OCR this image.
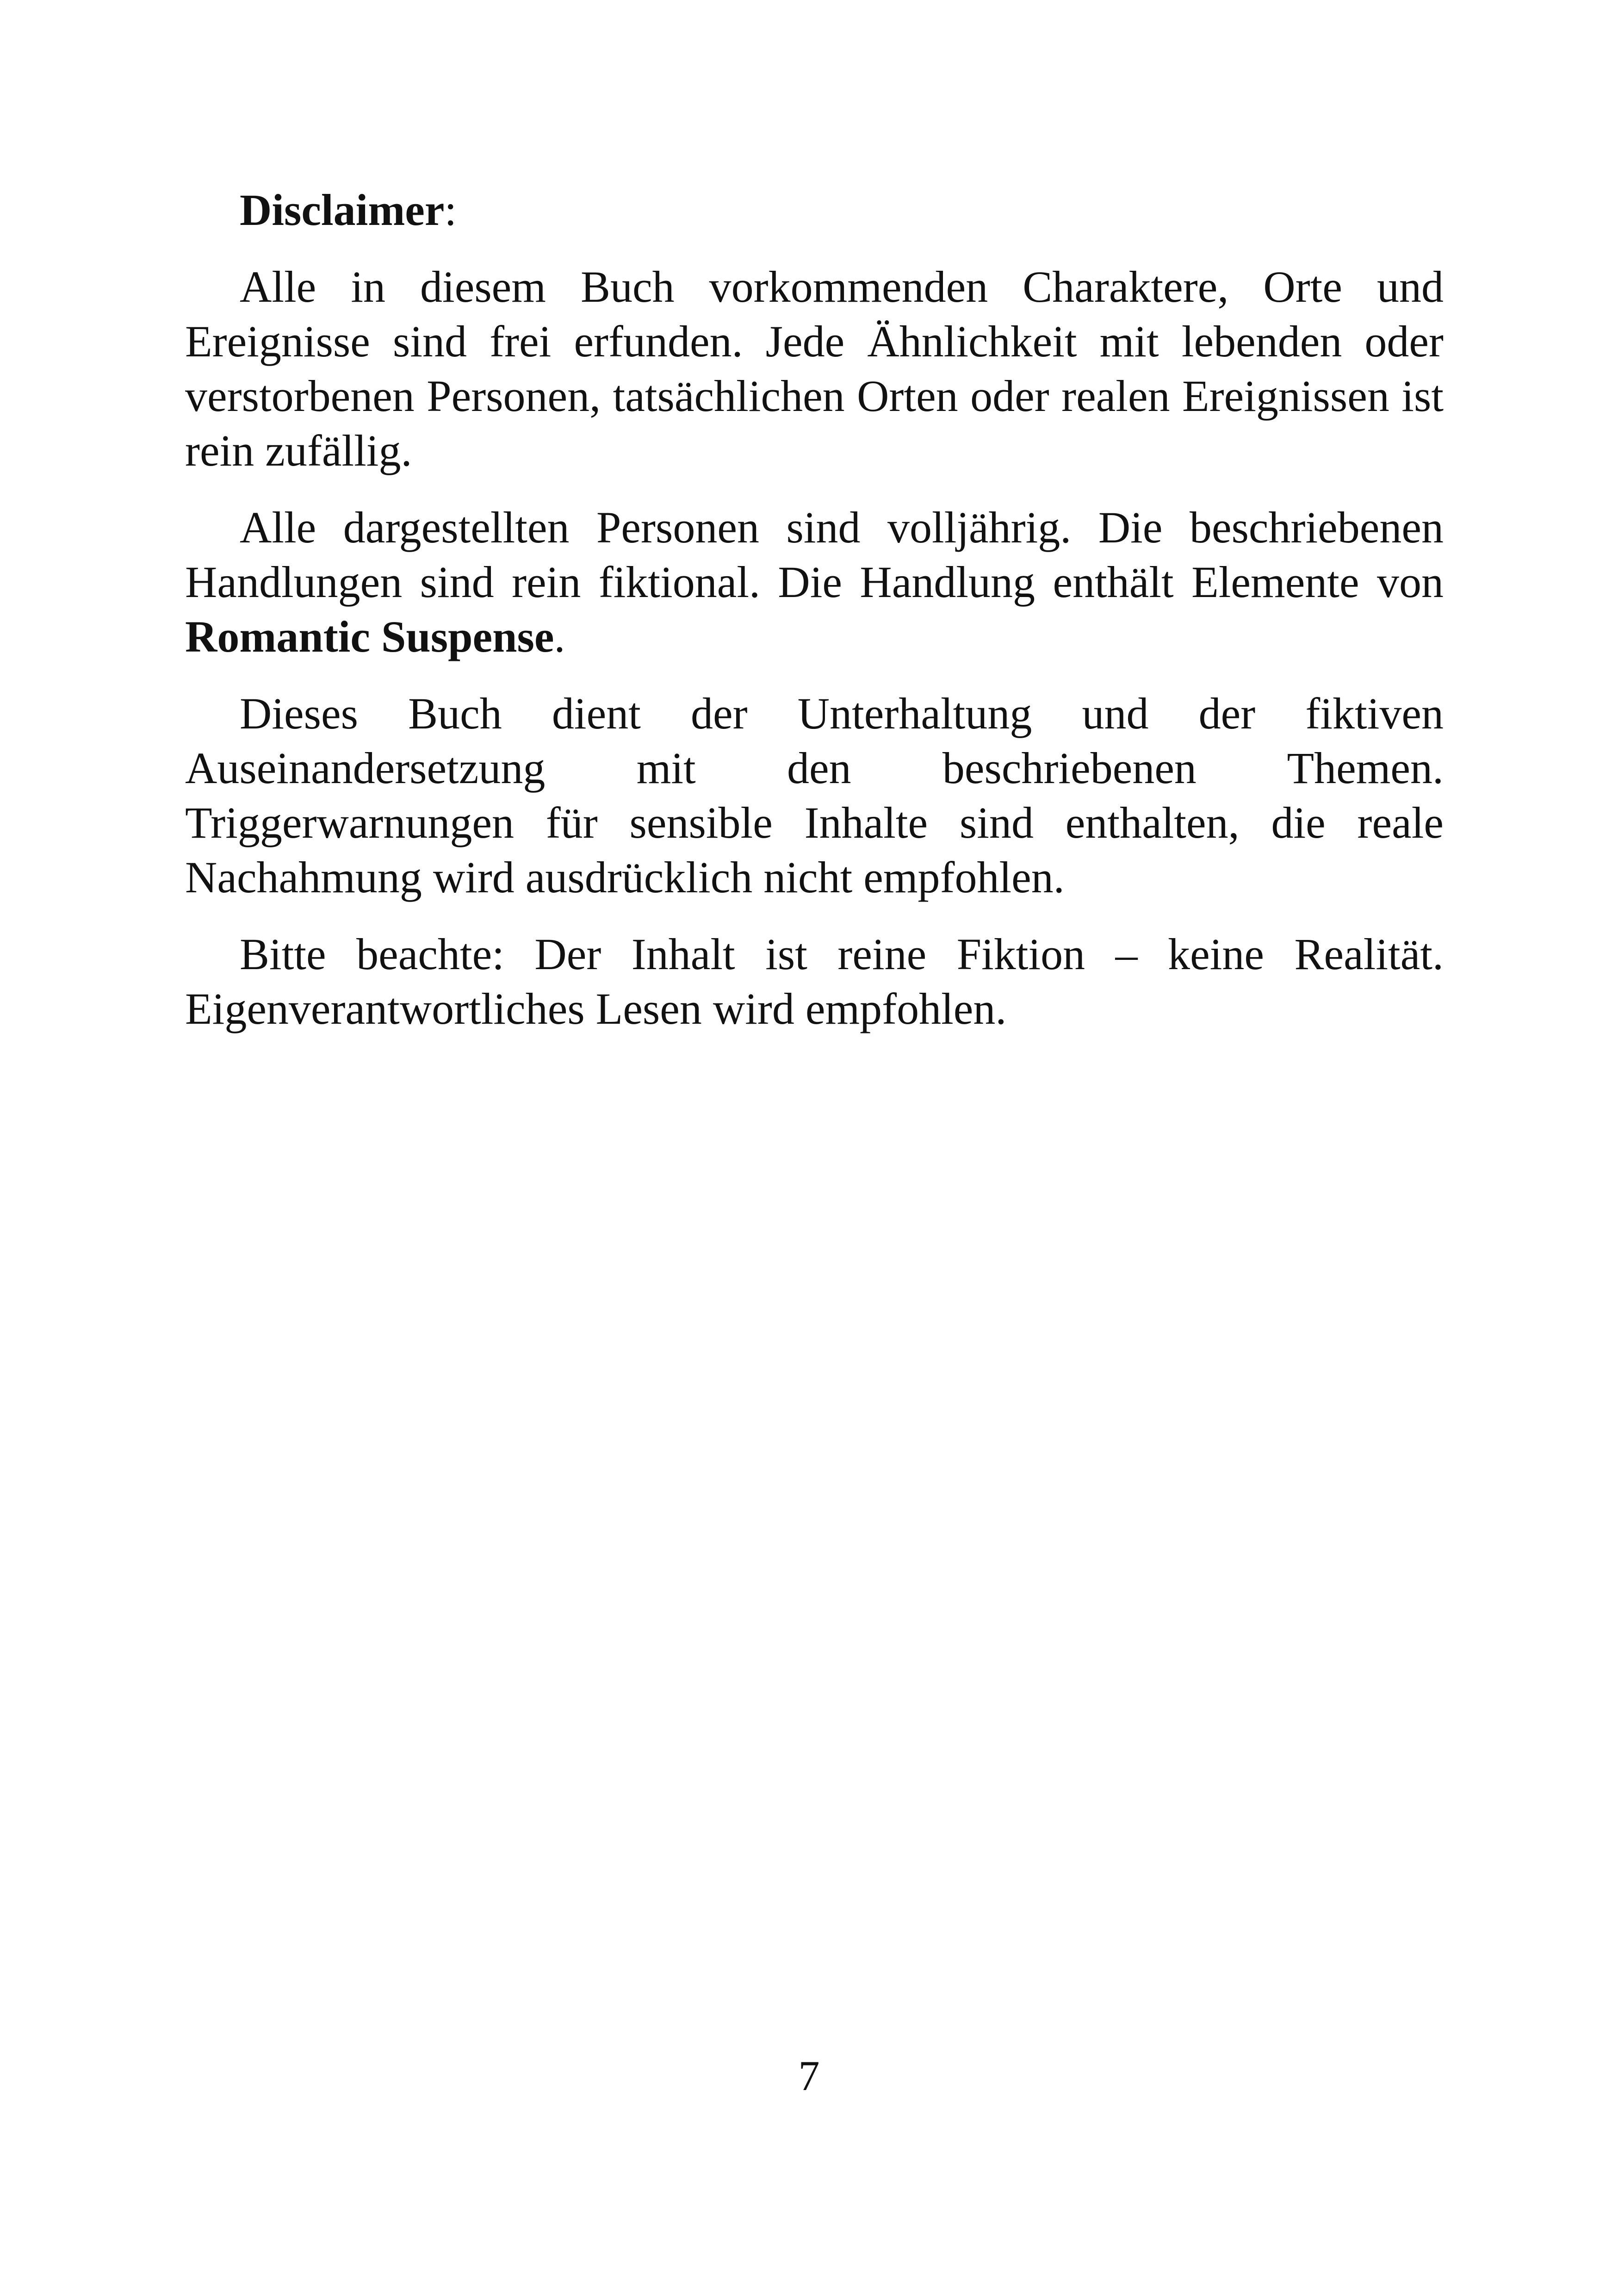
Disclaimer:

Alle in diesem Buch vorkommenden Charaktere, Orte und Ereignisse sind frei erfunden. Jede Ähnlichkeit mit lebenden oder verstorbenen Personen, tatsächlichen Orten oder realen Ereignissen ist rein zufällig.

Alle dargestellten Personen sind volljährig. Die beschriebenen Handlungen sind rein fiktional. Die Handlung enthält Elemente von Romantic Suspense.

Dieses Buch dient der Unterhaltung und der fiktiven Auseinandersetzung mit den beschriebenen Themen. Triggerwarnungen für sensible Inhalte sind enthalten, die reale Nachahmung wird ausdrücklich nicht empfohlen.

Bitte beachte: Der Inhalt ist reine Fiktion – keine Realität. Eigenverantwortliches Lesen wird empfohlen.

7
